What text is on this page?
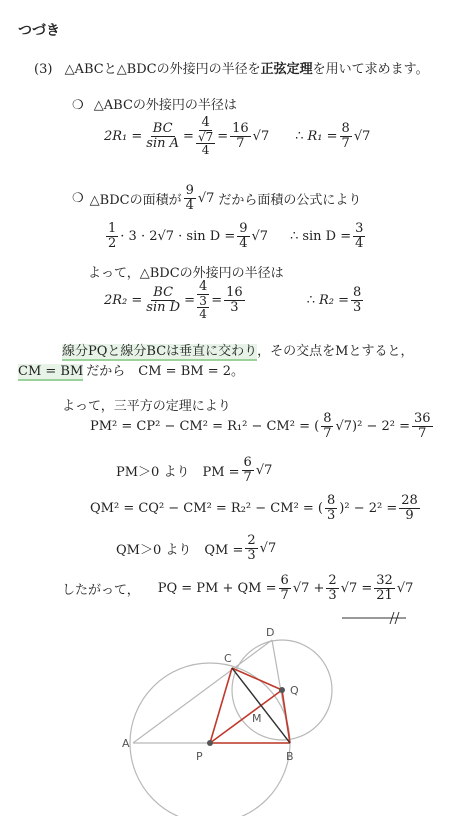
つづき
(3) △ABCと△BDCの外接円の半径を正弦定理を用いて求めます。
❍ △ABCの外接円の半径は
$2R_1 = \frac{BC}{\text{sin A}} = 4$
√7
$4 = \frac{16}{7} √7$ ∴ $R_1 = \frac{8}{7} √7$
❍ △BDCの面積が $\frac{9}{4} √7$ だから面積の公式により
$\frac{1}{2} \cdot 3 \cdot 2√7 \cdot \sin D = \frac{9}{4} √7$ ∴ $\sin D = \frac{3}{4}$
よって，△BDCの外接円の半径は
$2R_2 = \frac{BC}{\text{sin D}} = 4$
3
$4 = \frac{16}{3}$	∴ $R_2 = \frac{8}{3}$
線分PQと線分BCは垂直に交わり，その交点をMとすると，
CM = BM だから　CM = BM = 2。
よって，三平方の定理により
PM² = CP² − CM² = R₁² − CM² = ( $\frac{8}{7} √7)^2 - 2^2 = \frac{36}{7}$
PM＞0 より　PM = $\frac{6}{7} √7$
QM² = CQ² − CM² = R₂² − CM² = ( $\frac{8}{3} )^2 - 2^2 = \frac{28}{9}$
QM＞0 より　QM = $\frac{2}{3} √7$
したがって， PQ = PM + QM = $\frac{6}{7} √7 + \frac{2}{3} √7 = \frac{32}{21} √7$
A
B
C
D
P
Q
M
